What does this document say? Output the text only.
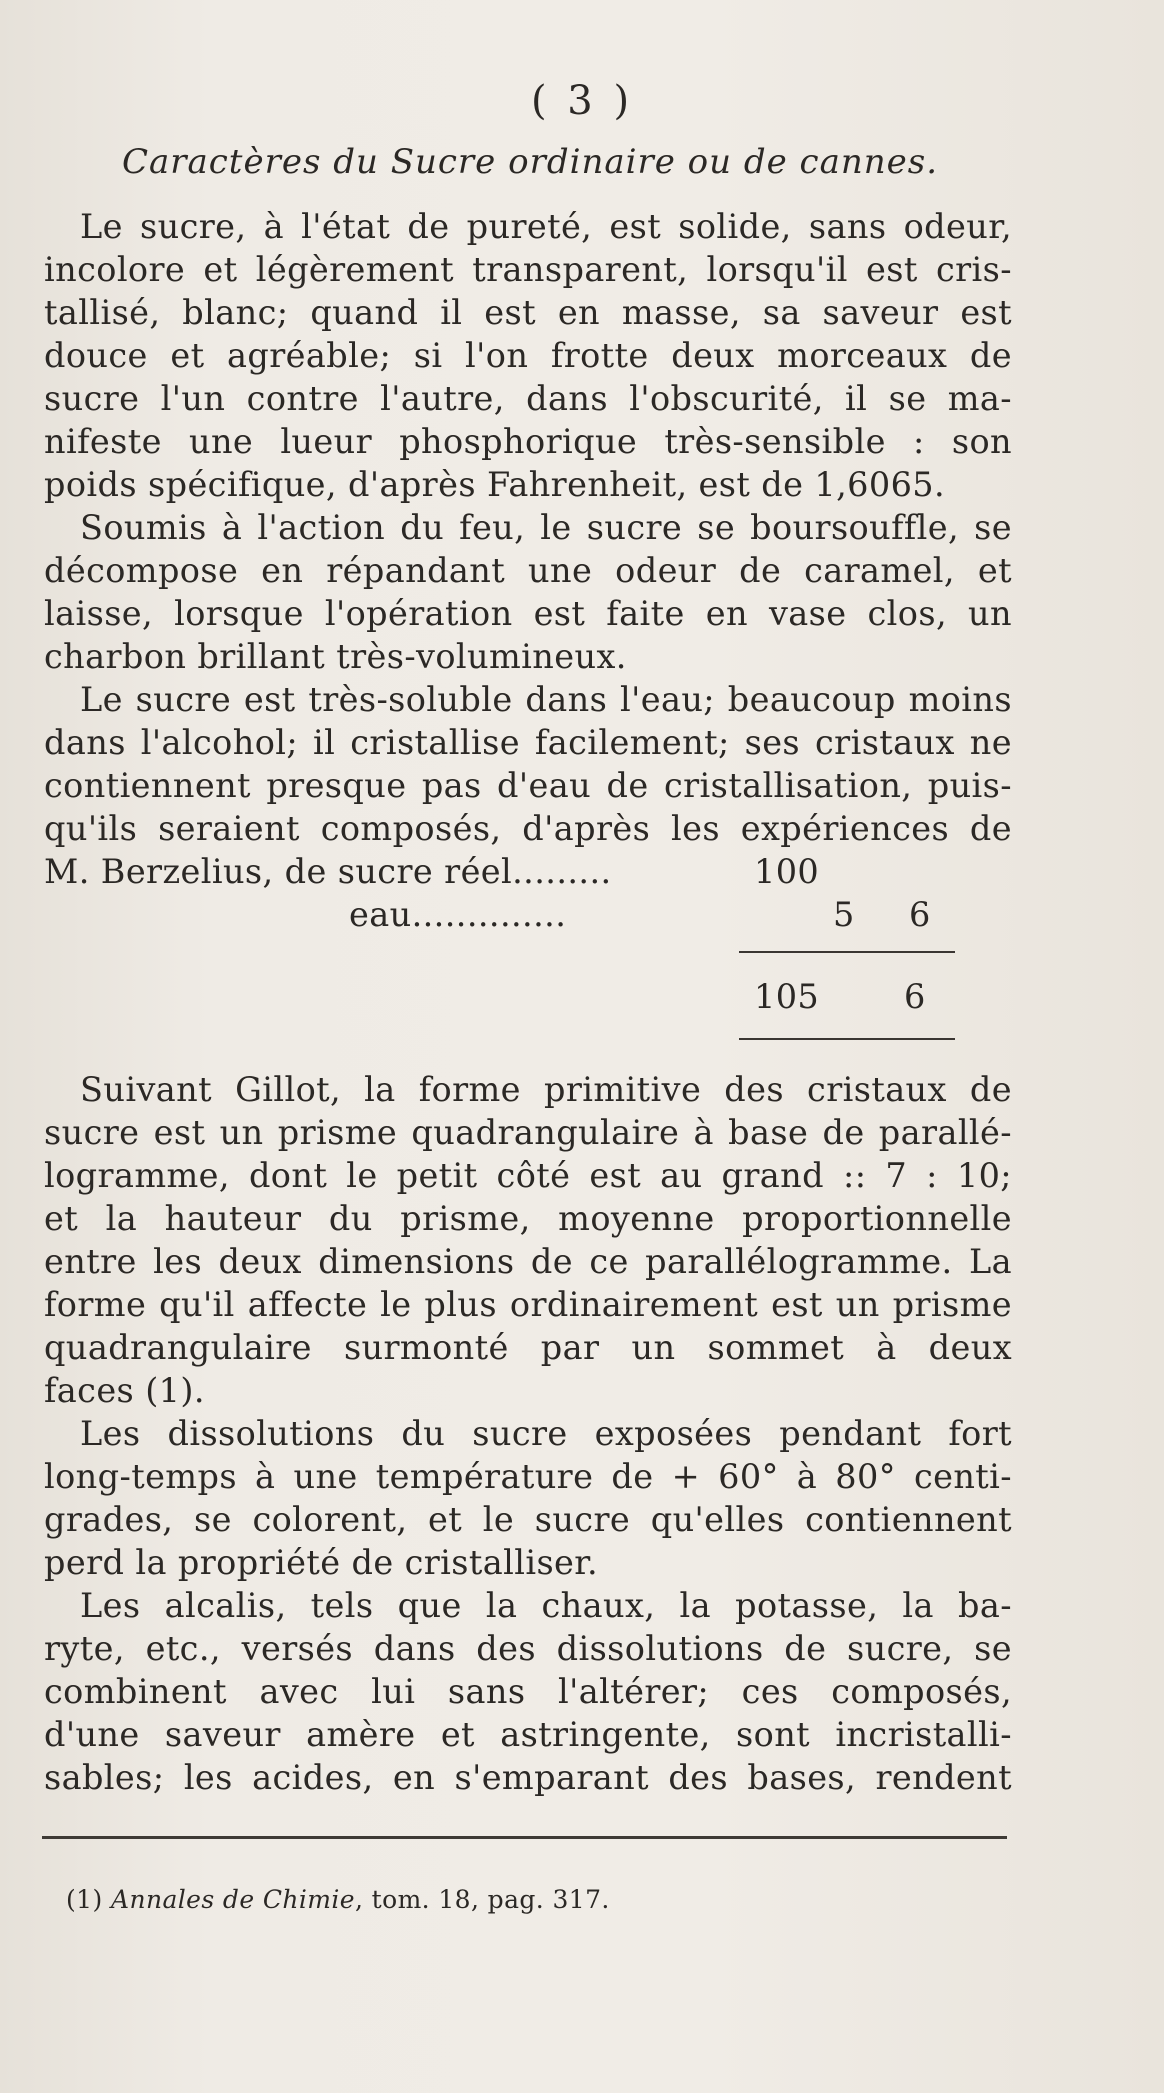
( 3 )
Caractères du Sucre ordinaire ou de cannes.

Le sucre, à l'état de pureté, est solide, sans odeur,
incolore et légèrement transparent, lorsqu'il est cris-
tallisé, blanc; quand il est en masse, sa saveur est
douce et agréable; si l'on frotte deux morceaux de
sucre l'un contre l'autre, dans l'obscurité, il se ma-
nifeste une lueur phosphorique très-sensible : son
poids spécifique, d'après Fahrenheit, est de 1,6065.

Soumis à l'action du feu, le sucre se boursouffle, se
décompose en répandant une odeur de caramel, et
laisse, lorsque l'opération est faite en vase clos, un
charbon brillant très-volumineux.

Le sucre est très-soluble dans l'eau; beaucoup moins
dans l'alcohol; il cristallise facilement; ses cristaux ne
contiennent presque pas d'eau de cristallisation, puis-
qu'ils seraient composés, d'après les expériences de

M. Berzelius, de sucre réel.........	100
eau..............	5 6
105	6

Suivant Gillot, la forme primitive des cristaux de
sucre est un prisme quadrangulaire à base de parallé-
logramme, dont le petit côté est au grand :: 7 : 10;
et la hauteur du prisme, moyenne proportionnelle
entre les deux dimensions de ce parallélogramme. La
forme qu'il affecte le plus ordinairement est un prisme
quadrangulaire surmonté par un sommet à deux
faces (1).

Les dissolutions du sucre exposées pendant fort
long-temps à une température de + 60° à 80° centi-
grades, se colorent, et le sucre qu'elles contiennent
perd la propriété de cristalliser.

Les alcalis, tels que la chaux, la potasse, la ba-
ryte, etc., versés dans des dissolutions de sucre, se
combinent avec lui sans l'altérer; ces composés,
d'une saveur amère et astringente, sont incristalli-
sables; les acides, en s'emparant des bases, rendent

(1) Annales de Chimie, tom. 18, pag. 317.
